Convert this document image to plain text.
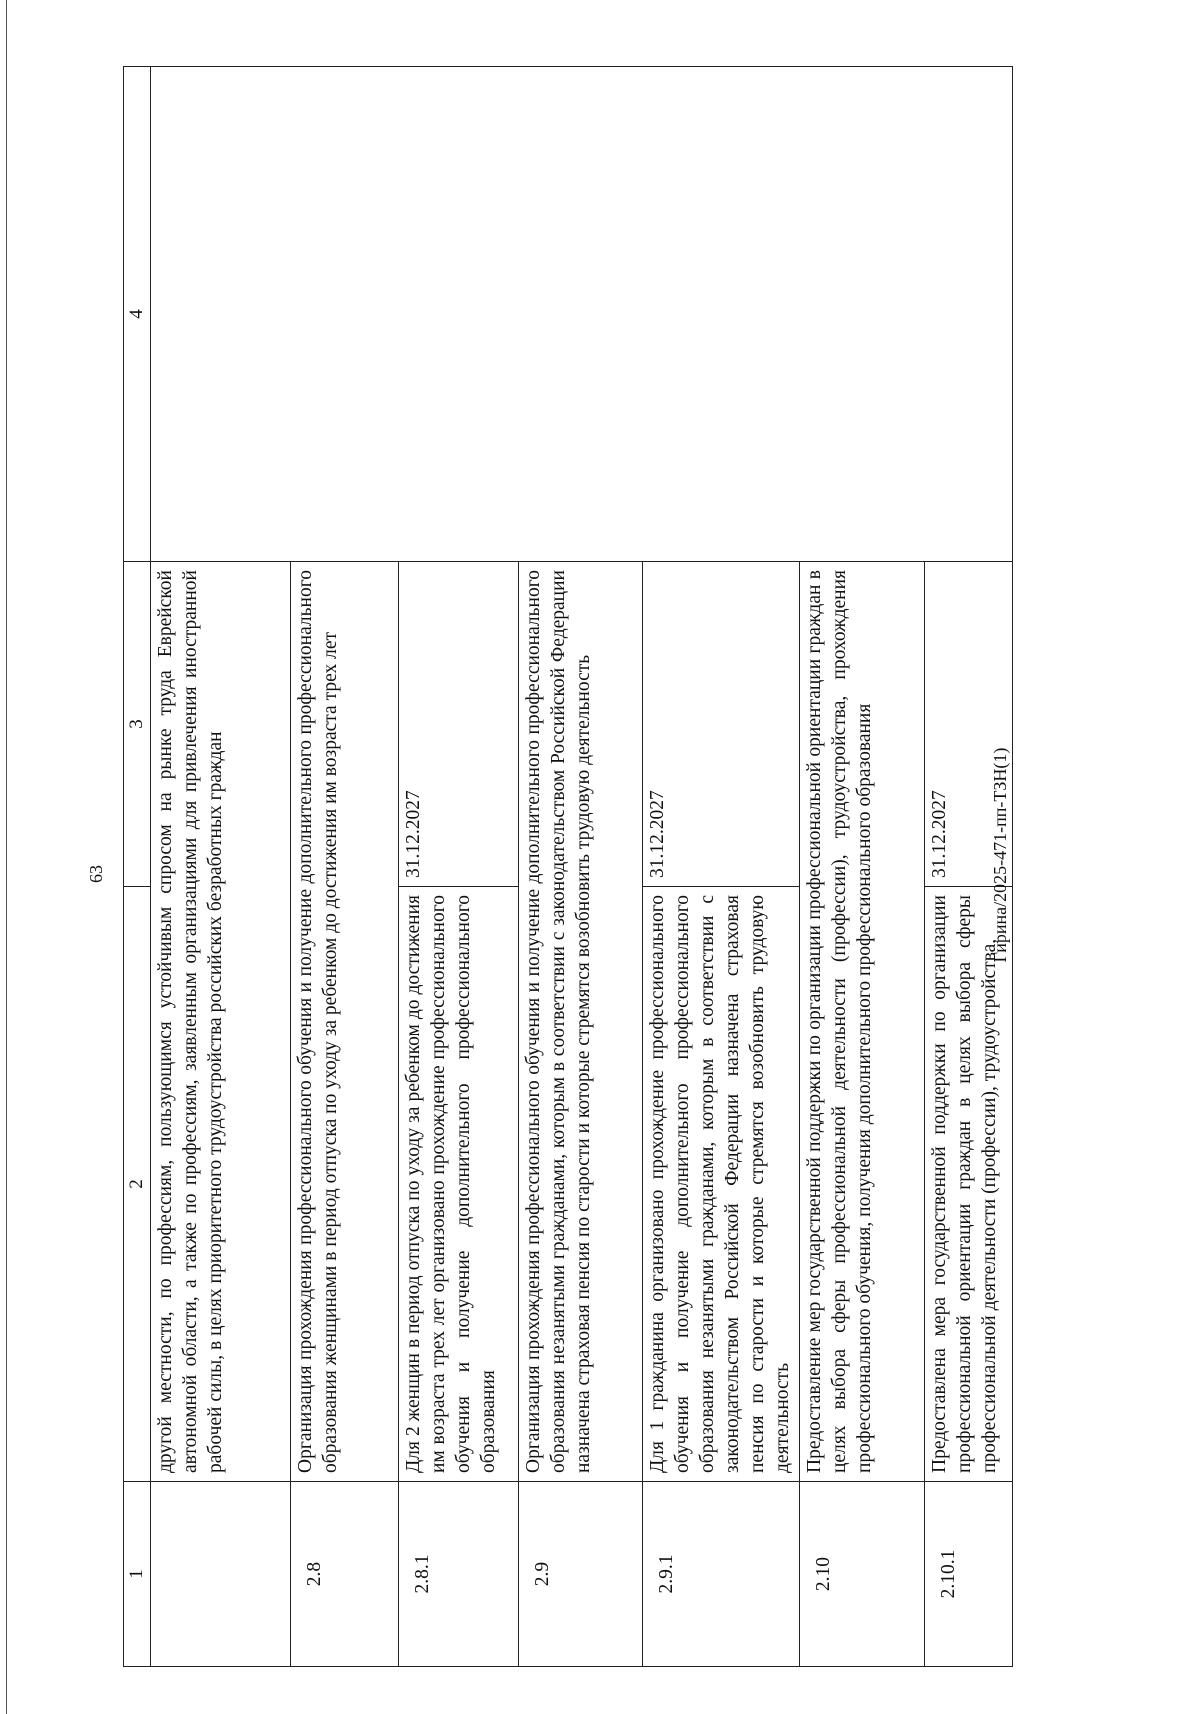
63
1	2	3	4
	другой местности, по профессиям, пользующимся устойчивым спросом на рынке труда Еврейской автономной области, а также по профессиям, заявленным организациями для привлечения иностранной рабочей силы, в целях приоритетного трудоустройства российских безработных граждан		
2.8	Организация прохождения профессионального обучения и получение дополнительного профессионального образования женщинами в период отпуска по уходу за ребенком до достижения им возраста трех лет		
2.8.1	Для 2 женщин в период отпуска по уходу за ребенком до достижения им возраста трех лет организовано прохождение профессионального обучения и получение дополнительного профессионального образования	31.12.2027	
2.9	Организация прохождения профессионального обучения и получение дополнительного профессионального образования незанятыми гражданами, которым в соответствии с законодательством Российской Федерации назначена страховая пенсия по старости и которые стремятся возобновить трудовую деятельность		
2.9.1	Для 1 гражданина организовано прохождение профессионального обучения и получение дополнительного профессионального образования незанятыми гражданами, которым в соответствии с законодательством Российской Федерации назначена страховая пенсия по старости и которые стремятся возобновить трудовую деятельность	31.12.2027	
2.10	Предоставление мер государственной поддержки по организации профессиональной ориентации граждан в целях выбора сферы профессиональной деятельности (профессии), трудоустройства, прохождения профессионального обучения, получения дополнительного профессионального образования		
2.10.1	Предоставлена мера государственной поддержки по организации профессиональной ориентации граждан в целях выбора сферы профессиональной деятельности (профессии), трудоустройства,	31.12.2027	Гирина/2025-471-пп-ТЗН(1)
